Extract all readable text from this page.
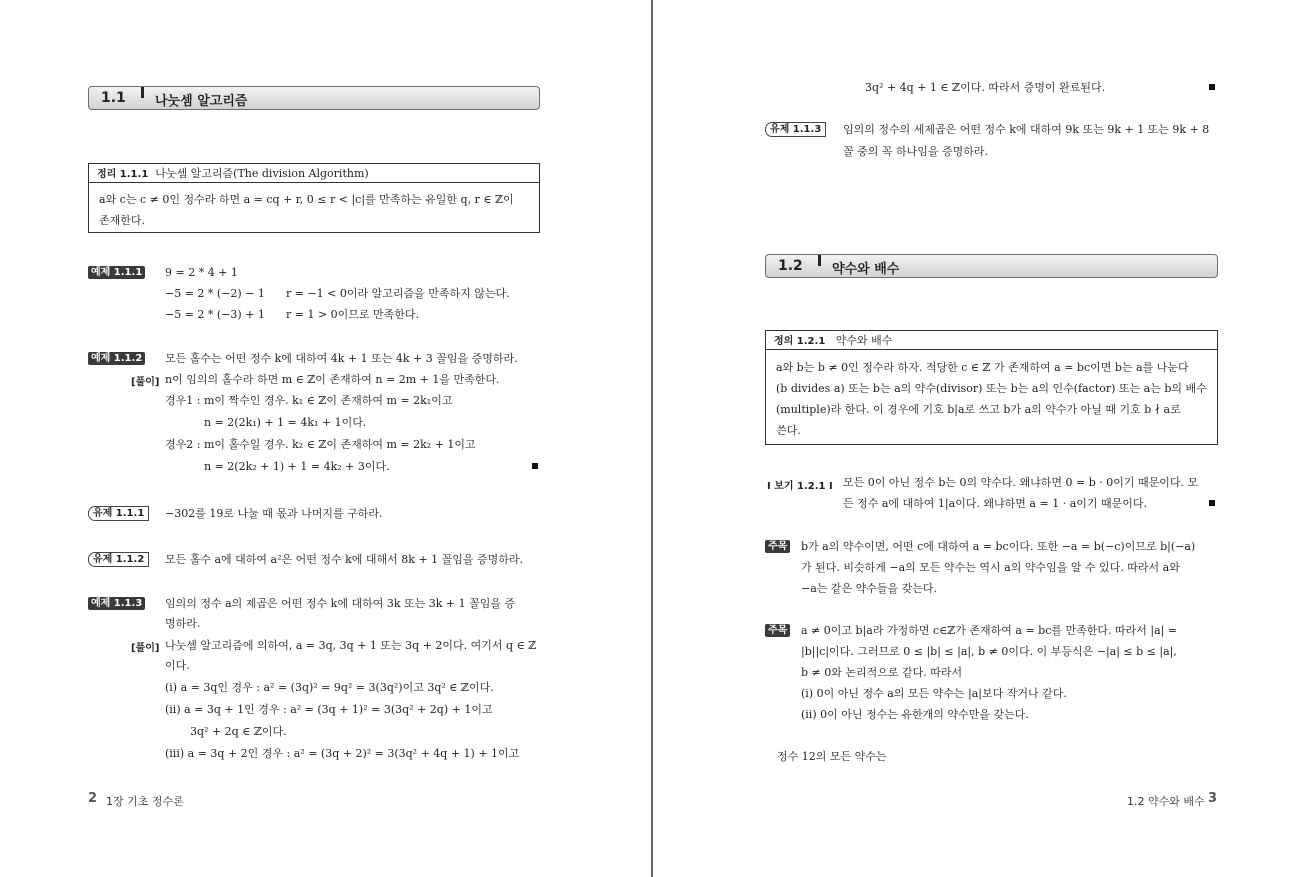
1.1 나눗셈 알고리즘
정리 1.1.1 나눗셈 알고리즘(The division Algorithm)
a와 c는 c ≠ 0인 정수라 하면 a = cq + r, 0 ≤ r < |c|를 만족하는 유일한 q, r ∈ ℤ이
존재한다.
예제 1.1.1 9 = 2 * 4 + 1
−5 = 2 * (−2) − 1 r = −1 < 0이라 알고리즘을 만족하지 않는다.
−5 = 2 * (−3) + 1 r = 1 > 0이므로 만족한다.
예제 1.1.2 모든 홀수는 어떤 정수 k에 대하여 4k + 1 또는 4k + 3 꼴임을 증명하라.
[풀이] n이 임의의 홀수라 하면 m ∈ ℤ이 존재하여 n = 2m + 1을 만족한다.
경우1 : m이 짝수인 경우. k₁ ∈ ℤ이 존재하여 m = 2k₁이고
n = 2(2k₁) + 1 = 4k₁ + 1이다.
경우2 : m이 홀수일 경우. k₂ ∈ ℤ이 존재하여 m = 2k₂ + 1이고
n = 2(2k₂ + 1) + 1 = 4k₂ + 3이다.
유제 1.1.1	−302를 19로 나눌 때 몫과 나머지를 구하라.
유제 1.1.2	모든 홀수 a에 대하여 a²은 어떤 정수 k에 대해서 8k + 1 꼴임을 증명하라.
예제 1.1.3 임의의 정수 a의 제곱은 어떤 정수 k에 대하여 3k 또는 3k + 1 꼴임을 증
명하라.
[풀이] 나눗셈 알고리즘에 의하여, a = 3q, 3q + 1 또는 3q + 2이다. 여기서 q ∈ ℤ
이다.
(i) a = 3q인 경우 : a² = (3q)² = 9q² = 3(3q²)이고 3q² ∈ ℤ이다.
(ii) a = 3q + 1인 경우 : a² = (3q + 1)² = 3(3q² + 2q) + 1이고
3q² + 2q ∈ ℤ이다.
(iii) a = 3q + 2인 경우 : a² = (3q + 2)² = 3(3q² + 4q + 1) + 1이고
2 1장 기초 정수론
3q² + 4q + 1 ∈ ℤ이다. 따라서 증명이 완료된다.
유제 1.1.3	임의의 정수의 세제곱은 어떤 정수 k에 대하여 9k 또는 9k + 1 또는 9k + 8
꼴 중의 꼭 하나임을 증명하라.
1.2 약수와 배수
정의 1.2.1 약수와 배수
a와 b는 b ≠ 0인 정수라 하자. 적당한 c ∈ ℤ 가 존재하여 a = bc이면 b는 a를 나눈다
(b divides a) 또는 b는 a의 약수(divisor) 또는 b는 a의 인수(factor) 또는 a는 b의 배수
(multiple)라 한다. 이 경우에 기호 b|a로 쓰고 b가 a의 약수가 아닐 때 기호 b ∤ a로
쓴다.
I 보기 1.2.1 I 모든 0이 아닌 정수 b는 0의 약수다. 왜냐하면 0 = b · 0이기 때문이다. 모
든 정수 a에 대하여 1|a이다. 왜냐하면 a = 1 · a이기 때문이다.
주목 b가 a의 약수이면, 어떤 c에 대하여 a = bc이다. 또한 −a = b(−c)이므로 b|(−a)
가 된다. 비슷하게 −a의 모든 약수는 역시 a의 약수임을 알 수 있다. 따라서 a와
−a는 같은 약수들을 갖는다.
주목 a ≠ 0이고 b|a라 가정하면 c∈ℤ가 존재하여 a = bc를 만족한다. 따라서 |a| =
|b||c|이다. 그러므로 0 ≤ |b| ≤ |a|, b ≠ 0이다. 이 부등식은 −|a| ≤ b ≤ |a|,
b ≠ 0와 논리적으로 같다. 따라서
(i) 0이 아닌 정수 a의 모든 약수는 |a|보다 작거나 같다.
(ii) 0이 아닌 정수는 유한개의 약수만을 갖는다.
정수 12의 모든 약수는
1.2 약수와 배수 3
